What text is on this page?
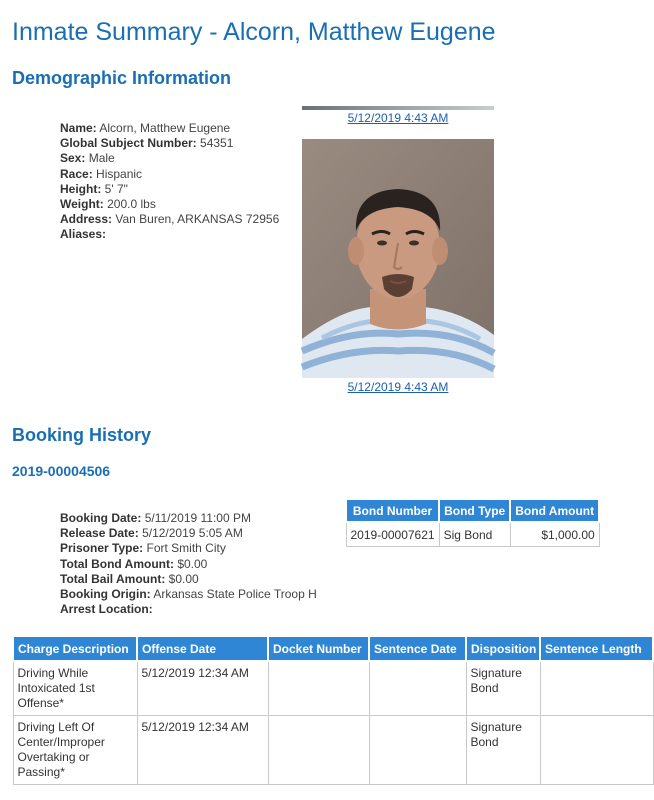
Inmate Summary - Alcorn, Matthew Eugene
Demographic Information
Name: Alcorn, Matthew Eugene
Global Subject Number: 54351
Sex: Male
Race: Hispanic
Height: 5' 7"
Weight: 200.0 lbs
Address: Van Buren, ARKANSAS 72956
Aliases:
5/12/2019 4:43 AM
5/12/2019 4:43 AM
Booking History
2019-00004506
Booking Date: 5/11/2019 11:00 PM
Release Date: 5/12/2019 5:05 AM
Prisoner Type: Fort Smith City
Total Bond Amount: $0.00
Total Bail Amount: $0.00
Booking Origin: Arkansas State Police Troop H
Arrest Location:
Bond Number	Bond Type	Bond Amount
2019-00007621	Sig Bond	$1,000.00
Charge Description	Offense Date	Docket Number	Sentence Date	Disposition	Sentence Length
Driving While Intoxicated 1st Offense*	5/12/2019 12:34 AM			Signature Bond	
Driving Left Of Center/Improper Overtaking or Passing*	5/12/2019 12:34 AM			Signature Bond	
